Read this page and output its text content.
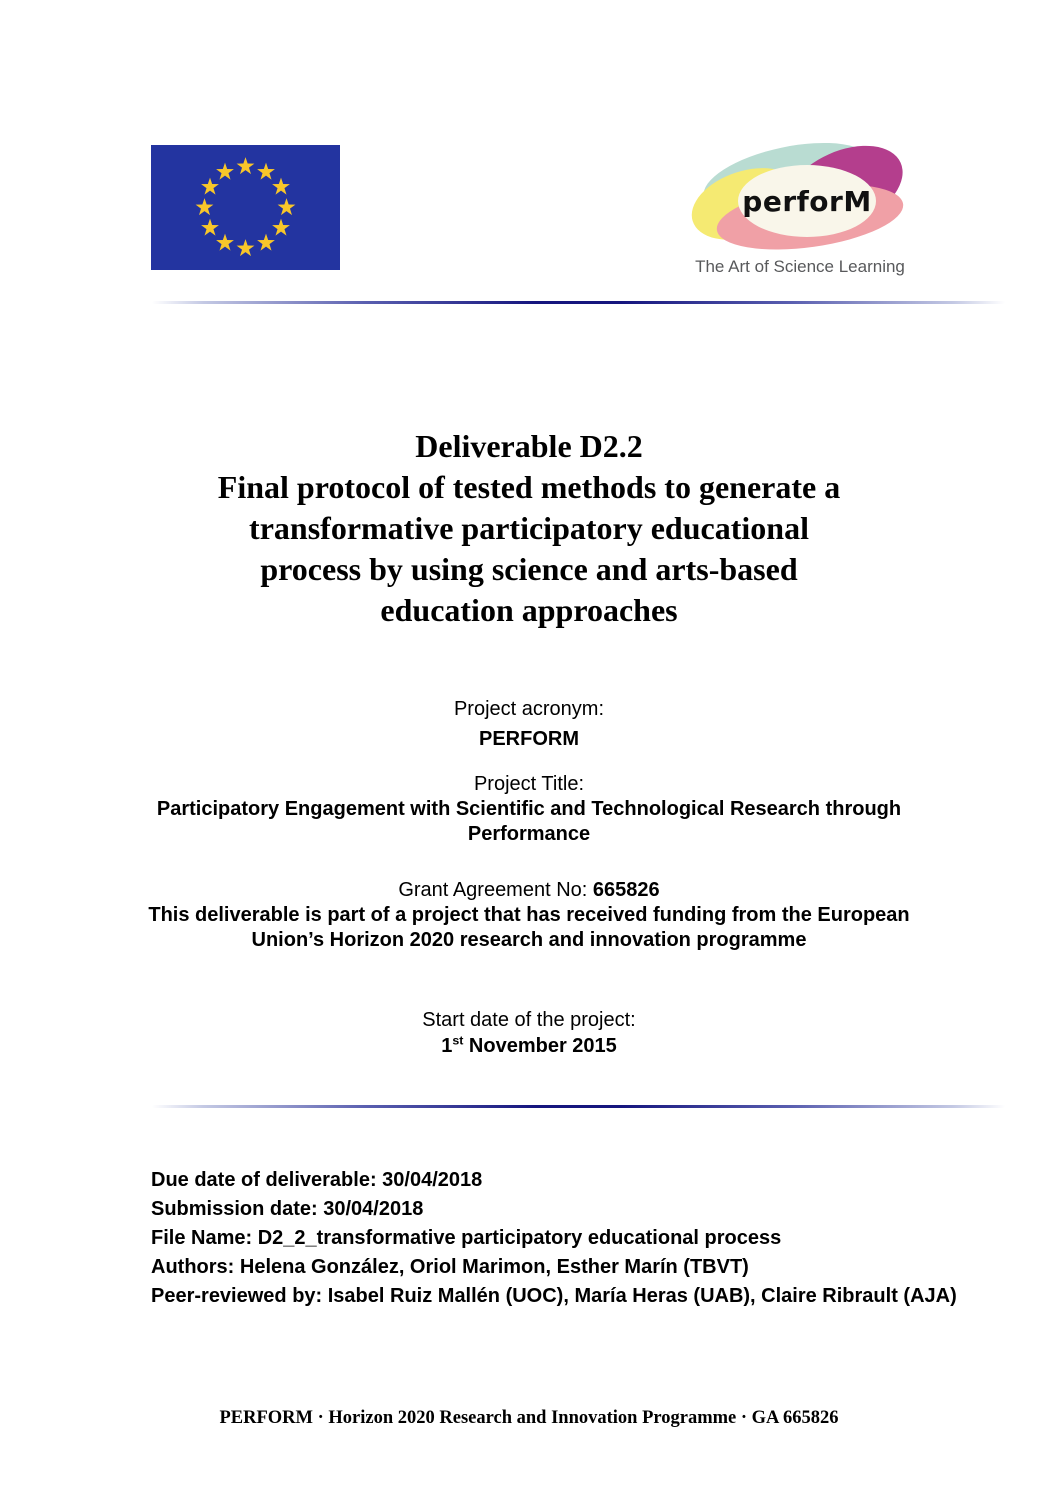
perforM
The Art of Science Learning
Deliverable D2.2
Final protocol of tested methods to generate a
transformative participatory educational
process by using science and arts-based
education approaches
Project acronym:
PERFORM
Project Title:
Participatory Engagement with Scientific and Technological Research through
Performance
Grant Agreement No: 665826
This deliverable is part of a project that has received funding from the European
Union’s Horizon 2020 research and innovation programme
Start date of the project:
1st November 2015
Due date of deliverable: 30/04/2018
Submission date: 30/04/2018
File Name: D2_2_transformative participatory educational process
Authors: Helena González, Oriol Marimon, Esther Marín (TBVT)
Peer-reviewed by: Isabel Ruiz Mallén (UOC), María Heras (UAB), Claire Ribrault (AJA)
PERFORM · Horizon 2020 Research and Innovation Programme · GA 665826
